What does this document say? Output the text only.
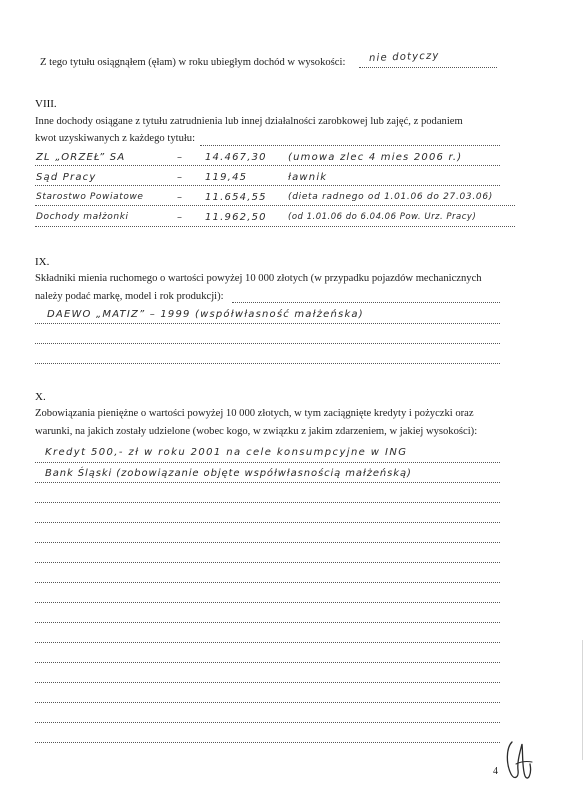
Z tego tytułu osiągnąłem (ęłam) w roku ubiegłym dochód w wysokości: nie dotyczy
VIII.
Inne dochody osiągane z tytułu zatrudnienia lub innej działalności zarobkowej lub zajęć, z podaniem
kwot uzyskiwanych z każdego tytułu:
ZL „ORZEŁ” SA	– 14.467,30 (umowa zlec 4 mies 2006 r.)
Sąd Pracy	– 119,45	ławnik
Starostwo Powiatowe	– 11.654,55 (dieta radnego od 1.01.06 do 27.03.06)
Dochody małżonki	– 11.962,50	(od 1.01.06 do 6.04.06 Pow. Urz. Pracy)
IX.
Składniki mienia ruchomego o wartości powyżej 10 000 złotych (w przypadku pojazdów mechanicznych
należy podać markę, model i rok produkcji):
DAEWO „MATIZ” – 1999 (współwłasność małżeńska)
X.
Zobowiązania pieniężne o wartości powyżej 10 000 złotych, w tym zaciągnięte kredyty i pożyczki oraz
warunki, na jakich zostały udzielone (wobec kogo, w związku z jakim zdarzeniem, w jakiej wysokości):
Kredyt 500,- zł w roku 2001 na cele konsumpcyjne w ING
Bank Śląski (zobowiązanie objęte współwłasnością małżeńską)
4
